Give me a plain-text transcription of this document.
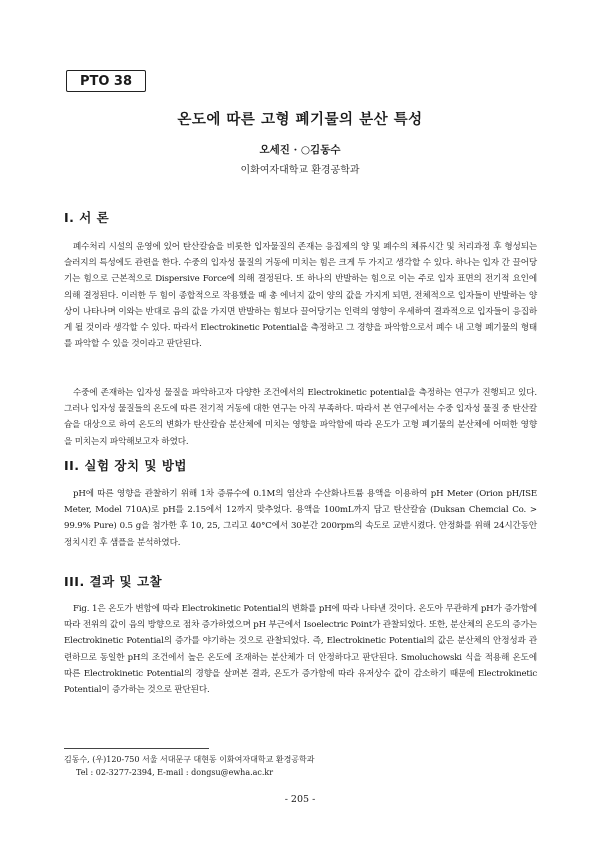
PTO 38
온도에 따른 고형 폐기물의 분산 특성
오세진 · ○김동수
이화여자대학교 환경공학과
I. 서 론

폐수처리 시설의 운영에 있어 탄산칼슘을 비롯한 입자물질의 존재는 응집제의 양 및 폐수의 체류시간 및 처리과정 후 형성되는 슬러지의 특성에도 관련을 한다. 수중의 입자성 물질의 거동에 미치는 힘은 크게 두 가지고 생각할 수 있다. 하나는 입자 간 끌어당기는 힘으로 근본적으로 Dispersive Force에 의해 결정된다. 또 하나의 반발하는 힘으로 이는 주로 입자 표면의 전기적 요인에 의해 결정된다. 이러한 두 힘이 종합적으로 작용했을 때 총 에너지 값이 양의 값을 가지게 되면, 전체적으로 입자들이 반발하는 양상이 나타나며 이와는 반대로 음의 값을 가지면 반발하는 힘보다 끌어당기는 인력의 영향이 우세하여 결과적으로 입자들이 응집하게 될 것이라 생각할 수 있다. 따라서 Electrokinetic Potential을 측정하고 그 경향을 파악함으로서 폐수 내 고형 폐기물의 형태를 파악할 수 있을 것이라고 판단된다.

수중에 존재하는 입자성 물질을 파악하고자 다양한 조건에서의 Electrokinetic potential을 측정하는 연구가 진행되고 있다. 그러나 입자성 물질들의 온도에 따른 전기적 거동에 대한 연구는 아직 부족하다. 따라서 본 연구에서는 수중 입자성 물질 중 탄산칼슘을 대상으로 하여 온도의 변화가 탄산칼슘 분산체에 미치는 영향을 파악함에 따라 온도가 고형 폐기물의 분산체에 어떠한 영향을 미치는지 파악해보고자 하였다.

II. 실험 장치 및 방법

pH에 따른 영향을 관찰하기 위해 1차 증류수에 0.1M의 염산과 수산화나트륨 용액을 이용하여 pH Meter (Orion pH/ISE Meter, Model 710A)로 pH를 2.15에서 12까지 맞추었다. 용액을 100mL까지 담고 탄산칼슘 (Duksan Chemcial Co. > 99.9% Pure) 0.5 g을 첨가한 후 10, 25, 그리고 40°C에서 30분간 200rpm의 속도로 교반시켰다. 안정화를 위해 24시간동안 정치시킨 후 샘플을 분석하였다.

III. 결과 및 고찰

Fig. 1은 온도가 변함에 따라 Electrokinetic Potential의 변화를 pH에 따라 나타낸 것이다. 온도아 무관하게 pH가 증가함에 따라 전위의 값이 음의 방향으로 점차 증가하였으며 pH 부근에서 Isoelectric Point가 관찰되었다. 또한, 분산체의 온도의 증가는 Electrokinetic Potential의 증가를 야기하는 것으로 관찰되었다. 즉, Electrokinetic Potential의 값은 분산체의 안정성과 관련하므로 동일한 pH의 조건에서 높은 온도에 조재하는 분산체가 더 안정하다고 판단된다. Smoluchowski 식을 적용해 온도에 따른 Electrokinetic Potential의 경향을 살펴본 결과, 온도가 증가함에 따라 유저상수 값이 감소하기 때문에 Electrokinetic Potential이 증가하는 것으로 판단된다.

김동수, (우)120-750 서울 서대문구 대현동 이화여자대학교 환경공학과
Tel : 02-3277-2394, E-mail : dongsu@ewha.ac.kr
- 205 -
